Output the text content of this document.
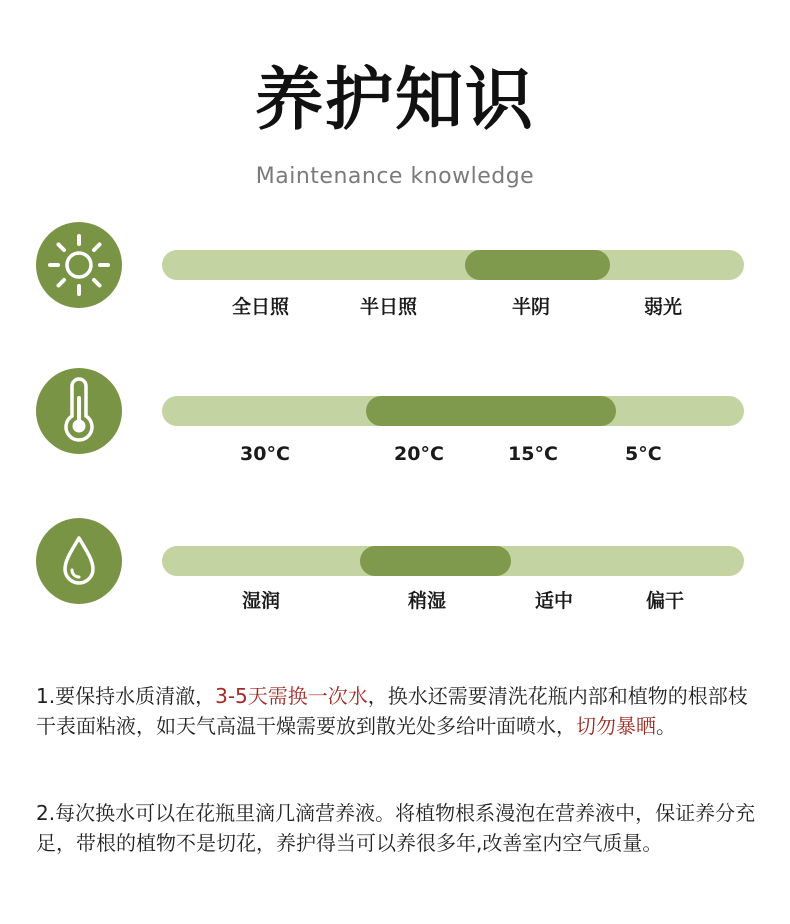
养护知识
Maintenance knowledge
全日照	半日照	半阴	弱光
30°C	20°C	15°C	5°C
湿润	稍湿	适中	偏干
1.要保持水质清澈，3-5天需换一次水，换水还需要清洗花瓶内部和植物的根部枝干表面粘液，如天气高温干燥需要放到散光处多给叶面喷水，切勿暴晒。
2.每次换水可以在花瓶里滴几滴营养液。将植物根系漫泡在营养液中，保证养分充足，带根的植物不是切花，养护得当可以养很多年,改善室内空气质量。
